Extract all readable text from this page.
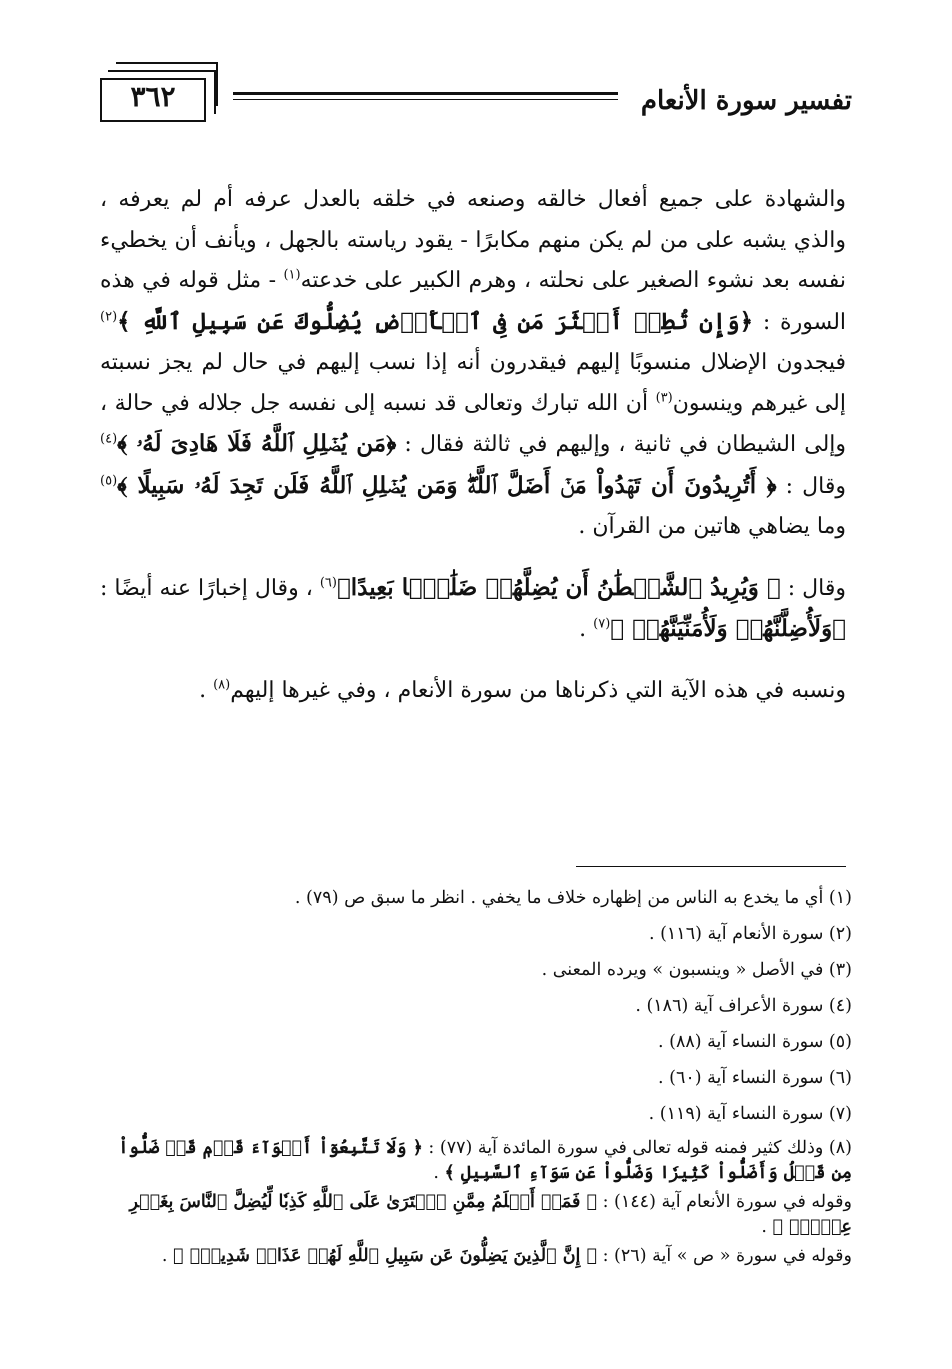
تفسير سورة الأنعام
٣٦٢

والشهادة على جميع أفعال خالقه وصنعه في خلقه بالعدل عرفه أم لم يعرفه ، والذي يشبه على من لم يكن منهم مكابرًا - يقود رياسته بالجهل ، ويأنف أن يخطيء نفسه بعد نشوء الصغير على نحلته ، وهرم الكبير على خدعته$^{(١)}$ - مثل قوله في هذه السورة : ﴿وَإِن تُطِعۡ أَكۡثَرَ مَن فِى ٱلۡأَرۡضِ يُضِلُّوكَ عَن سَبِيلِ ٱللَّهِ ﴾$^{(٢)}$ فيجدون الإضلال منسوبًا إليهم فيقدرون أنه إذا نسب إليهم في حال لم يجز نسبته إلى غيرهم وينسون$^{(٣)}$ أن الله تبارك وتعالى قد نسبه إلى نفسه جل جلاله في حالة ، وإلى الشيطان في ثانية ، وإليهم في ثالثة فقال : ﴿مَن يُضۡلِلِ ٱللَّهُ فَلَا هَادِىَ لَهُۥ ﴾$^{(٤)}$ وقال : ﴿ أَتُرِيدُونَ أَن تَهۡدُواْ مَنۡ أَضَلَّ ٱللَّهُۖ وَمَن يُضۡلِلِ ٱللَّهُ فَلَن تَجِدَ لَهُۥ سَبِيلًا ﴾$^{(٥)}$ وما يضاهي هاتين من القرآن .

وقال : ﴿ وَيُرِيدُ ٱلشَّيۡطَٰنُ أَن يُضِلَّهُمۡ ضَلَٰلَۢا بَعِيدًا﴾$^{(٦)}$ ، وقال إخبارًا عنه أيضًا : ﴿وَلَأُضِلَّنَّهُمۡ وَلَأُمَنِّيَنَّهُمۡ ﴾$^{(٧)}$ .

ونسبه في هذه الآية التي ذكرناها من سورة الأنعام ، وفي غيرها إليهم$^{(٨)}$ .

(١) أي ما يخدع به الناس من إظهاره خلاف ما يخفي . انظر ما سبق ص (٧٩) .

(٢) سورة الأنعام آية (١١٦) .

(٣) في الأصل « وينسبون » ويرده المعنى .

(٤) سورة الأعراف آية (١٨٦) .

(٥) سورة النساء آية (٨٨) .

(٦) سورة النساء آية (٦٠) .

(٧) سورة النساء آية (١١٩) .

(٨) وذلك كثير فمنه قوله تعالى في سورة المائدة آية (٧٧) : ﴿ وَلَا تَتَّبِعُوٓاْ أَهۡوَآءَ قَوۡمٖ قَدۡ ضَلُّواْ مِن قَبۡلُ وَأَضَلُّواْ كَثِيرٗا وَضَلُّواْ عَن سَوَآءِ ٱلسَّبِيلِ ﴾ .

وقوله في سورة الأنعام آية (١٤٤) : ﴿ فَمَنۡ أَظۡلَمُ مِمَّنِ ٱفۡتَرَىٰ عَلَى ٱللَّهِ كَذِبٗا لِّيُضِلَّ ٱلنَّاسَ بِغَيۡرِ عِلۡمٍۚ ﴾ .

وقوله في سورة « ص » آية (٢٦) : ﴿ إِنَّ ٱلَّذِينَ يَضِلُّونَ عَن سَبِيلِ ٱللَّهِ لَهُمۡ عَذَابٞ شَدِيدُۢ ﴾ .
